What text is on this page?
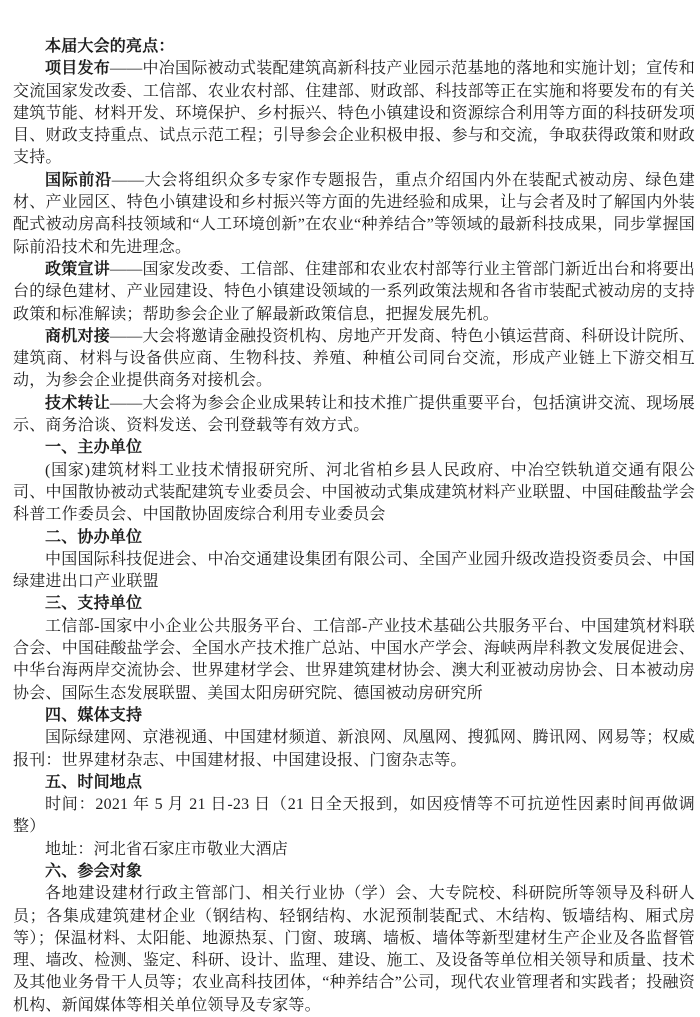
本届大会的亮点：

项目发布——中冶国际被动式装配建筑高新科技产业园示范基地的落地和实施计划；宣传和交流国家发改委、工信部、农业农村部、住建部、财政部、科技部等正在实施和将要发布的有关建筑节能、材料开发、环境保护、乡村振兴、特色小镇建设和资源综合利用等方面的科技研发项目、财政支持重点、试点示范工程；引导参会企业积极申报、参与和交流，争取获得政策和财政支持。

国际前沿——大会将组织众多专家作专题报告，重点介绍国内外在装配式被动房、绿色建材、产业园区、特色小镇建设和乡村振兴等方面的先进经验和成果，让与会者及时了解国内外装配式被动房高科技领域和“人工环境创新”在农业“种养结合”等领域的最新科技成果，同步掌握国际前沿技术和先进理念。

政策宣讲——国家发改委、工信部、住建部和农业农村部等行业主管部门新近出台和将要出台的绿色建材、产业园建设、特色小镇建设领域的一系列政策法规和各省市装配式被动房的支持政策和标准解读；帮助参会企业了解最新政策信息，把握发展先机。

商机对接——大会将邀请金融投资机构、房地产开发商、特色小镇运营商、科研设计院所、建筑商、材料与设备供应商、生物科技、养殖、种植公司同台交流，形成产业链上下游交相互动，为参会企业提供商务对接机会。

技术转让——大会将为参会企业成果转让和技术推广提供重要平台，包括演讲交流、现场展示、商务洽谈、资料发送、会刊登载等有效方式。

一、主办单位

(国家)建筑材料工业技术情报研究所、河北省柏乡县人民政府、中冶空铁轨道交通有限公司、中国散协被动式装配建筑专业委员会、中国被动式集成建筑材料产业联盟、中国硅酸盐学会科普工作委员会、中国散协固废综合利用专业委员会

二、协办单位

中国国际科技促进会、中冶交通建设集团有限公司、全国产业园升级改造投资委员会、中国绿建进出口产业联盟

三、支持单位

工信部-国家中小企业公共服务平台、工信部-产业技术基础公共服务平台、中国建筑材料联合会、中国硅酸盐学会、全国水产技术推广总站、中国水产学会、海峡两岸科教文发展促进会、中华台海两岸交流协会、世界建材学会、世界建筑建材协会、澳大利亚被动房协会、日本被动房协会、国际生态发展联盟、美国太阳房研究院、德国被动房研究所

四、媒体支持

国际绿建网、京港视通、中国建材频道、新浪网、凤凰网、搜狐网、腾讯网、网易等；权威报刊：世界建材杂志、中国建材报、中国建设报、门窗杂志等。

五、时间地点

时间：2021 年 5 月 21 日-23 日（21 日全天报到，如因疫情等不可抗逆性因素时间再做调整）

地址：河北省石家庄市敬业大酒店

六、参会对象

各地建设建材行政主管部门、相关行业协（学）会、大专院校、科研院所等领导及科研人员；各集成建筑建材企业（钢结构、轻钢结构、水泥预制装配式、木结构、钣墙结构、厢式房等）；保温材料、太阳能、地源热泵、门窗、玻璃、墙板、墙体等新型建材生产企业及各监督管理、墙改、检测、鉴定、科研、设计、监理、建设、施工、及设备等单位相关领导和质量、技术及其他业务骨干人员等；农业高科技团体，“种养结合”公司，现代农业管理者和实践者；投融资机构、新闻媒体等相关单位领导及专家等。
